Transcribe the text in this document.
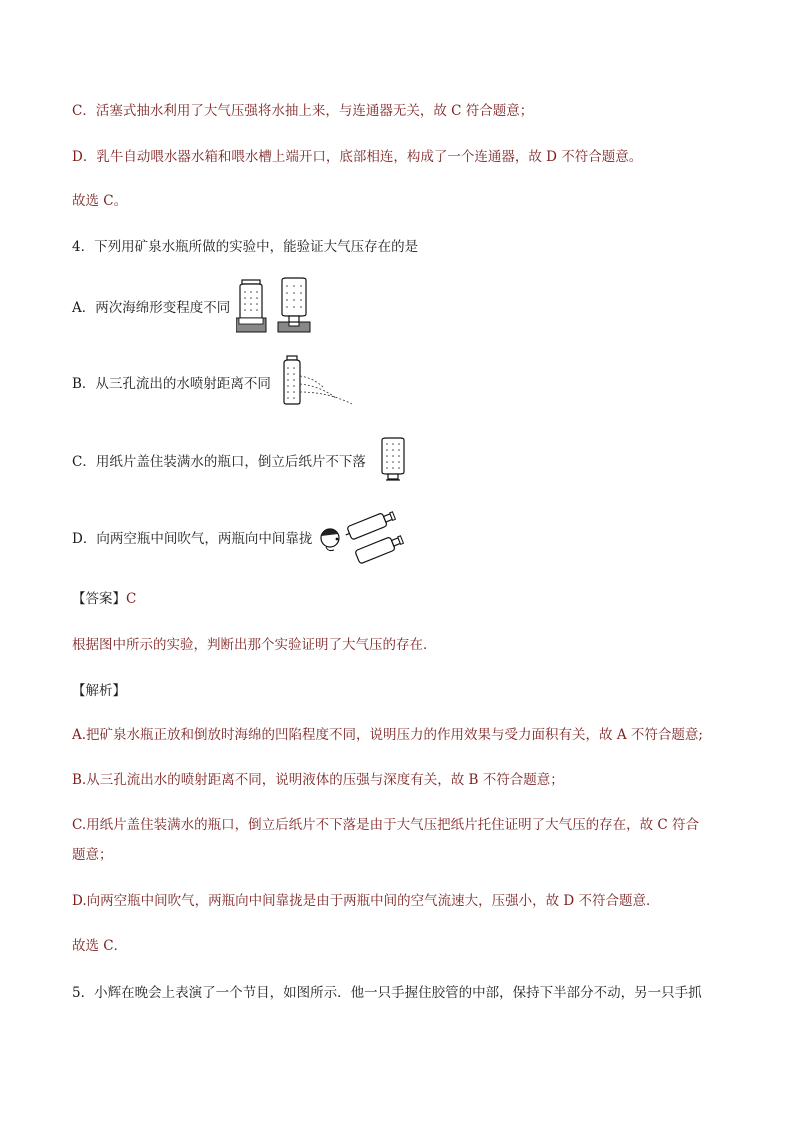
C．活塞式抽水利用了大气压强将水抽上来，与连通器无关，故 C 符合题意；
D．乳牛自动喂水器水箱和喂水槽上端开口，底部相连，构成了一个连通器，故 D 不符合题意。
故选 C。
4．下列用矿泉水瓶所做的实验中，能验证大气压存在的是
A．两次海绵形变程度不同
B．从三孔流出的水喷射距离不同
C．用纸片盖住装满水的瓶口，倒立后纸片不下落
D．向两空瓶中间吹气，两瓶向中间靠拢
【答案】C
根据图中所示的实验，判断出那个实验证明了大气压的存在．
【解析】
A.把矿泉水瓶正放和倒放时海绵的凹陷程度不同，说明压力的作用效果与受力面积有关，故 A 不符合题意;
B.从三孔流出水的喷射距离不同，说明液体的压强与深度有关，故 B 不符合题意；
C.用纸片盖住装满水的瓶口，倒立后纸片不下落是由于大气压把纸片托住证明了大气压的存在，故 C 符合
题意；
D.向两空瓶中间吹气，两瓶向中间靠拢是由于两瓶中间的空气流速大，压强小，故 D 不符合题意．
故选 C．
5．小辉在晚会上表演了一个节目，如图所示．他一只手握住胶管的中部，保持下半部分不动，另一只手抓
